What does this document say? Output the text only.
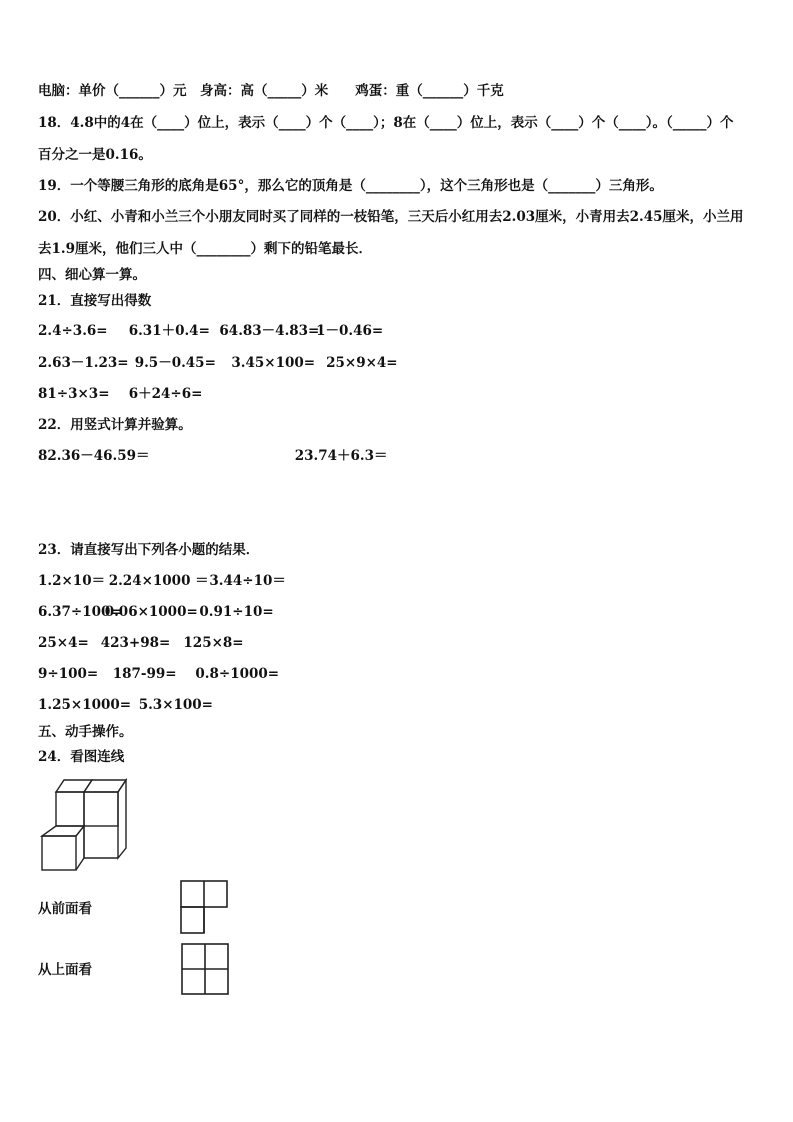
电脑：单价（______）元　身高：高（_____）米　　鸡蛋：重（______）千克
18．4.8中的4在（____）位上，表示（____）个（____）；8在（____）位上，表示（____）个（____）。（_____）个
百分之一是0.16。
19．一个等腰三角形的底角是65°，那么它的顶角是（________），这个三角形也是（_______）三角形。
20．小红、小青和小兰三个小朋友同时买了同样的一枝铅笔，三天后小红用去2.03厘米，小青用去2.45厘米，小兰用
去1.9厘米，他们三人中（________）剩下的铅笔最长．
四、细心算一算。
21．直接写出得数
2.4÷3.6= 6.31＋0.4= 64.83－4.83= 1－0.46=
2.63－1.23= 9.5－0.45= 3.45×100= 25×9×4=
81÷3×3= 6＋24÷6=
22．用竖式计算并验算。
82.36－46.59＝	23.74＋6.3＝
23．请直接写出下列各小题的结果．
1.2×10＝ 2.24×1000 ＝ 3.44÷10＝
6.37÷100= 0.06×1000= 0.91÷10=
25×4= 423+98= 125×8=
9÷100= 187-99= 0.8÷1000=
1.25×1000= 5.3×100=
五、动手操作。
24．看图连线
从前面看
从上面看
